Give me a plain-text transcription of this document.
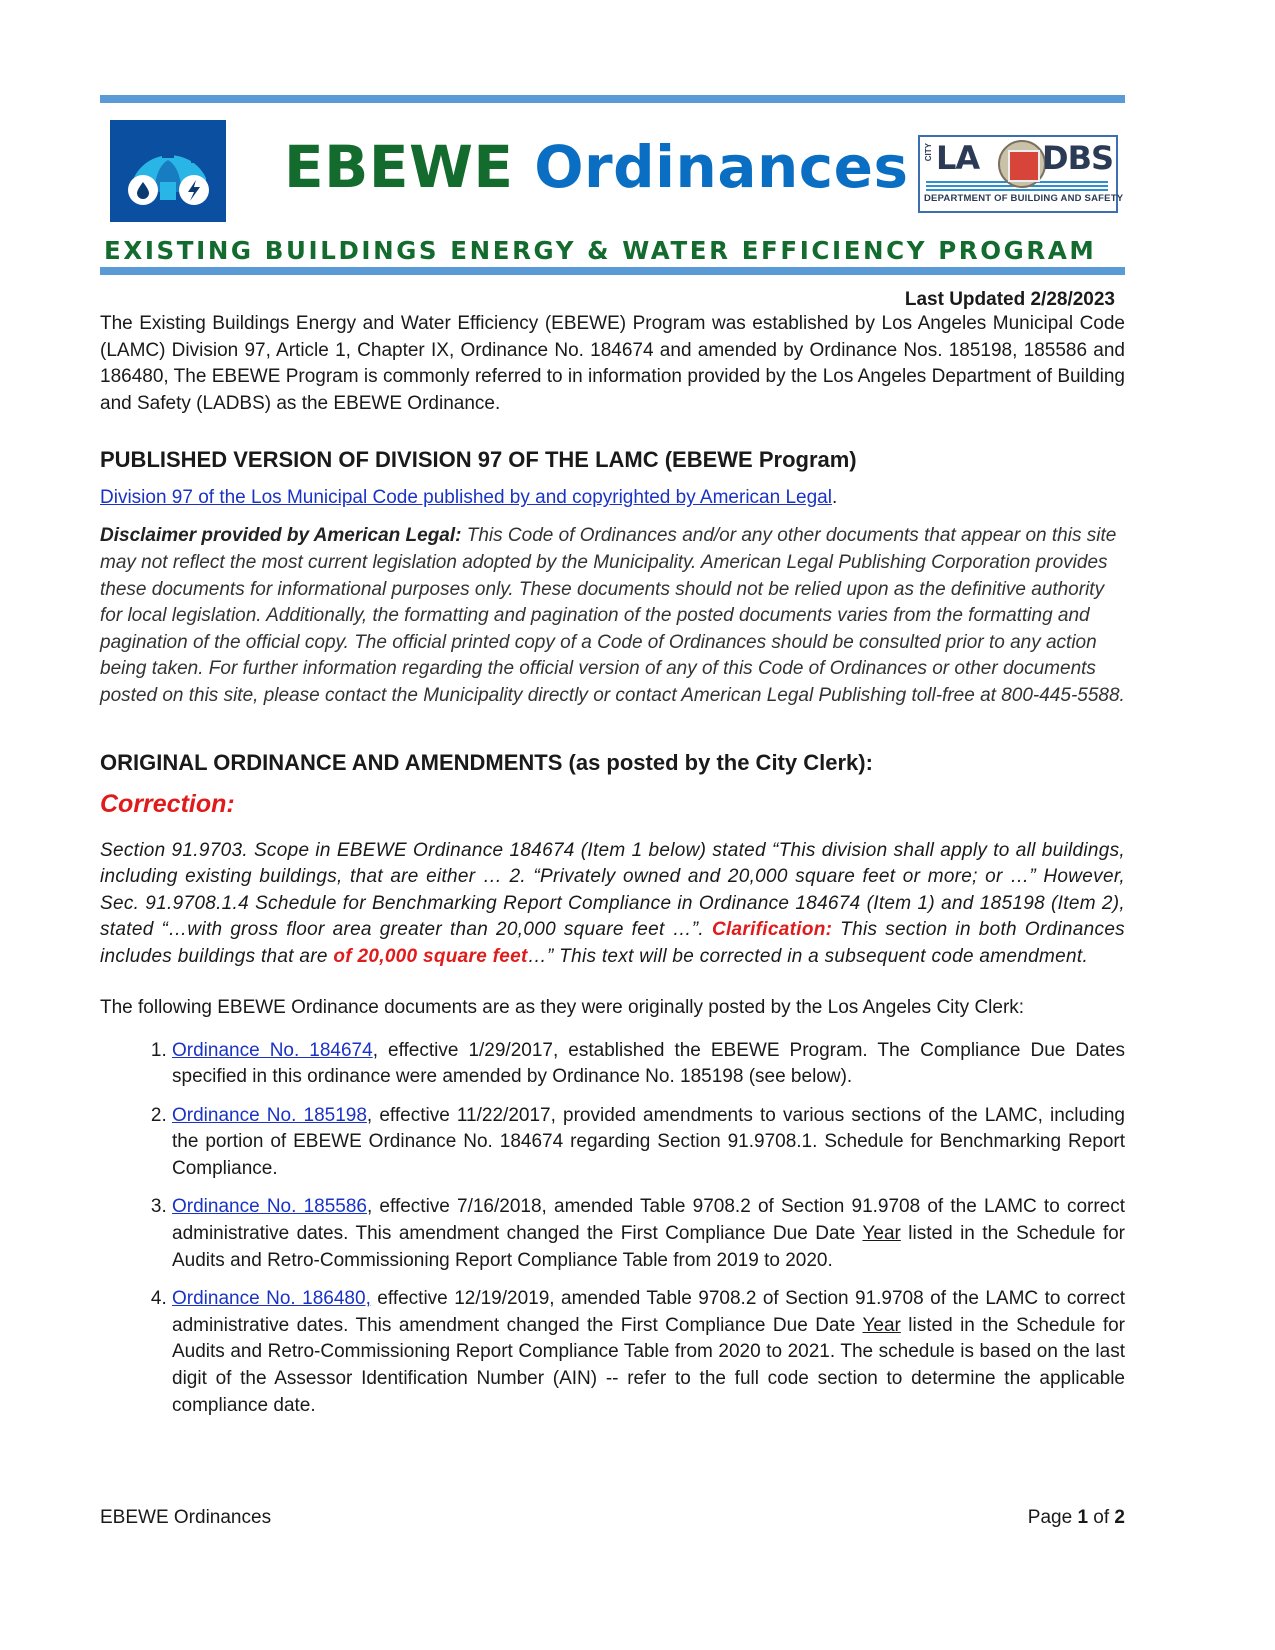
EBEWE Ordinances CITY LA DBS
DEPARTMENT OF BUILDING AND SAFETY
EXISTING BUILDINGS ENERGY & WATER EFFICIENCY PROGRAM
Last Updated 2/28/2023

The Existing Buildings Energy and Water Efficiency (EBEWE) Program was established by Los Angeles Municipal Code (LAMC) Division 97, Article 1, Chapter IX, Ordinance No. 184674 and amended by Ordinance Nos. 185198, 185586 and 186480, The EBEWE Program is commonly referred to in information provided by the Los Angeles Department of Building and Safety (LADBS) as the EBEWE Ordinance.

PUBLISHED VERSION OF DIVISION 97 OF THE LAMC (EBEWE Program)
Division 97 of the Los Municipal Code published by and copyrighted by American Legal.

Disclaimer provided by American Legal: This Code of Ordinances and/or any other documents that appear on this site may not reflect the most current legislation adopted by the Municipality. American Legal Publishing Corporation provides these documents for informational purposes only. These documents should not be relied upon as the definitive authority for local legislation. Additionally, the formatting and pagination of the posted documents varies from the formatting and pagination of the official copy. The official printed copy of a Code of Ordinances should be consulted prior to any action being taken. For further information regarding the official version of any of this Code of Ordinances or other documents posted on this site, please contact the Municipality directly or contact American Legal Publishing toll-free at 800-445-5588.

ORIGINAL ORDINANCE AND AMENDMENTS (as posted by the City Clerk):
Correction:

Section 91.9703. Scope in EBEWE Ordinance 184674 (Item 1 below) stated “This division shall apply to all buildings, including existing buildings, that are either … 2. “Privately owned and 20,000 square feet or more; or …” However, Sec. 91.9708.1.4 Schedule for Benchmarking Report Compliance in Ordinance 184674 (Item 1) and 185198 (Item 2), stated “…with gross floor area greater than 20,000 square feet …”. Clarification: This section in both Ordinances includes buildings that are of 20,000 square feet…” This text will be corrected in a subsequent code amendment.

The following EBEWE Ordinance documents are as they were originally posted by the Los Angeles City Clerk:

1. Ordinance No. 184674, effective 1/29/2017, established the EBEWE Program. The Compliance Due Dates specified in this ordinance were amended by Ordinance No. 185198 (see below).
2. Ordinance No. 185198, effective 11/22/2017, provided amendments to various sections of the LAMC, including the portion of EBEWE Ordinance No. 184674 regarding Section 91.9708.1. Schedule for Benchmarking Report Compliance.
3. Ordinance No. 185586, effective 7/16/2018, amended Table 9708.2 of Section 91.9708 of the LAMC to correct administrative dates. This amendment changed the First Compliance Due Date Year listed in the Schedule for Audits and Retro-Commissioning Report Compliance Table from 2019 to 2020.
4. Ordinance No. 186480, effective 12/19/2019, amended Table 9708.2 of Section 91.9708 of the LAMC to correct administrative dates. This amendment changed the First Compliance Due Date Year listed in the Schedule for Audits and Retro-Commissioning Report Compliance Table from 2020 to 2021. The schedule is based on the last digit of the Assessor Identification Number (AIN) -- refer to the full code section to determine the applicable compliance date.
EBEWE Ordinances	Page 1 of 2
